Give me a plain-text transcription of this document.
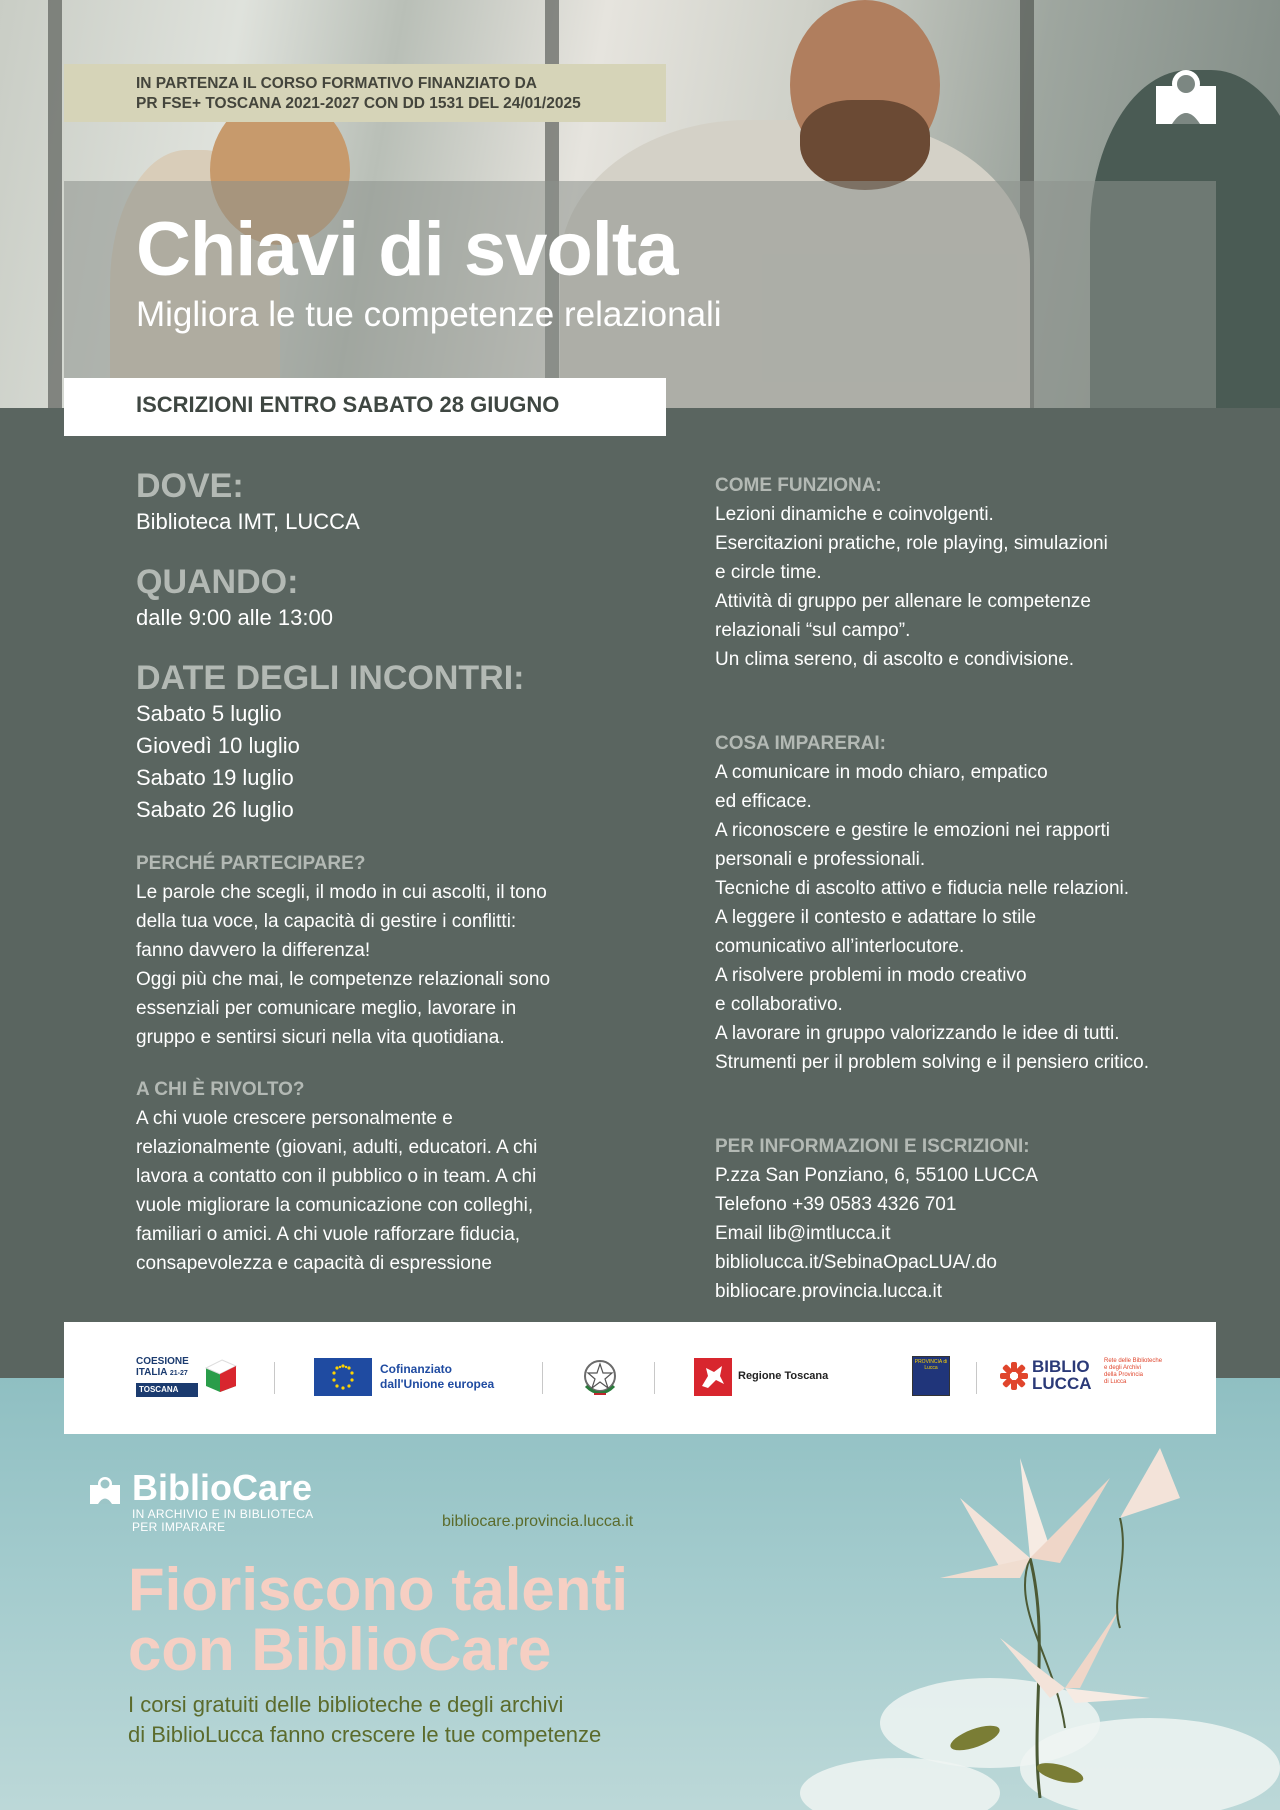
IN PARTENZA IL CORSO FORMATIVO FINANZIATO DA
PR FSE+ TOSCANA 2021-2027 CON DD 1531 DEL 24/01/2025
Chiavi di svolta
Migliora le tue competenze relazionali
ISCRIZIONI ENTRO SABATO 28 GIUGNO
DOVE:
Biblioteca IMT, LUCCA
QUANDO:
dalle 9:00 alle 13:00
DATE DEGLI INCONTRI:
Sabato 5 luglio
Giovedì 10 luglio
Sabato 19 luglio
Sabato 26 luglio
PERCHÉ PARTECIPARE?
Le parole che scegli, il modo in cui ascolti, il tono
della tua voce, la capacità di gestire i conflitti:
fanno davvero la differenza!
Oggi più che mai, le competenze relazionali sono
essenziali per comunicare meglio, lavorare in
gruppo e sentirsi sicuri nella vita quotidiana.
A CHI È RIVOLTO?
A chi vuole crescere personalmente e
relazionalmente (giovani, adulti, educatori. A chi
lavora a contatto con il pubblico o in team. A chi
vuole migliorare la comunicazione con colleghi,
familiari o amici. A chi vuole rafforzare fiducia,
consapevolezza e capacità di espressione
COME FUNZIONA:
Lezioni dinamiche e coinvolgenti.
Esercitazioni pratiche, role playing, simulazioni
e circle time.
Attività di gruppo per allenare le competenze
relazionali “sul campo”.
Un clima sereno, di ascolto e condivisione.
COSA IMPARERAI:
A comunicare in modo chiaro, empatico
ed efficace.
A riconoscere e gestire le emozioni nei rapporti
personali e professionali.
Tecniche di ascolto attivo e fiducia nelle relazioni.
A leggere il contesto e adattare lo stile
comunicativo all’interlocutore.
A risolvere problemi in modo creativo
e collaborativo.
A lavorare in gruppo valorizzando le idee di tutti.
Strumenti per il problem solving e il pensiero critico.
PER INFORMAZIONI E ISCRIZIONI:
P.zza San Ponziano, 6, 55100 LUCCA
Telefono +39 0583 4326 701
Email lib@imtlucca.it
bibliolucca.it/SebinaOpacLUA/.do
bibliocare.provincia.lucca.it
COESIONE
ITALIA 21-27
TOSCANA
Cofinanziato
dall'Unione europea
Regione Toscana
PROVINCIA di Lucca	BIBLIO
LUCCA
Rete delle Biblioteche
e degli Archivi
della Provincia
di Lucca
BiblioCare
IN ARCHIVIO E IN BIBLIOTECA
PER IMPARARE	bibliocare.provincia.lucca.it
Fioriscono talenti
con BiblioCare
I corsi gratuiti delle biblioteche e degli archivi
di BiblioLucca fanno crescere le tue competenze
